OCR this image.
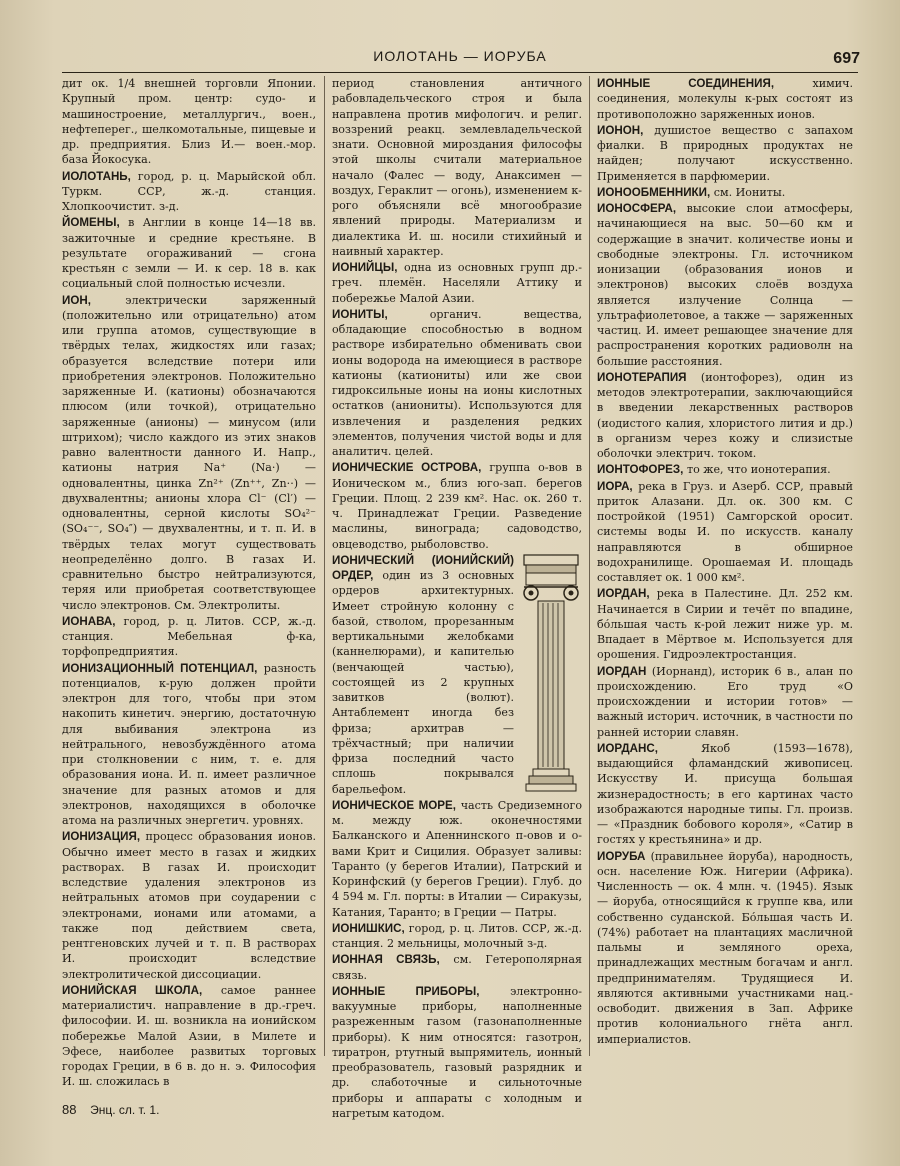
ИОЛОТАНЬ — ИОРУБА	697
дит ок. 1/4 внешней торговли Японии. Крупный пром. центр: судо- и машиностроение, металлургич., воен., нефтеперег., шелкомотальные, пищевые и др. предприятия. Близ И.— воен.-мор. база Йокосука.
ИОЛОТАНЬ, город, р. ц. Марыйской обл. Туркм. ССР, ж.-д. станция. Хлопкоочистит. з-д.
ЙОМЕНЫ, в Англии в конце 14—18 вв. зажиточные и средние крестьяне. В результате огораживаний — сгона крестьян с земли — И. к сер. 18 в. как социальный слой полностью исчезли.
ИОН,	электрически заряженный (положительно или отрицательно) атом или группа атомов, существующие в твёрдых телах, жидкостях или газах; образуется вследствие потери или приобретения электронов. Положительно заряженные И. (катионы) обозначаются плюсом (или точкой), отрицательно заряженные (анионы) — минусом (или штрихом); число каждого из этих знаков равно валентности данного И. Напр., катионы натрия Na⁺ (Na·) — одновалентны, цинка Zn²⁺ (Zn⁺⁺, Zn··) — двухвалентны; анионы хлора Cl⁻ (Cl′) — одновалентны, серной кислоты SO₄²⁻ (SO₄⁻⁻, SO₄″) — двухвалентны, и т. п. И. в твёрдых телах могут существовать неопределённо долго. В газах И. сравнительно быстро нейтрализуются, теряя или приобретая соответствующее число электронов. См. Электролиты.
ИОНАВА, город, р. ц. Литов. ССР, ж.-д. станция. Мебельная ф-ка, торфопредприятия.
ИОНИЗАЦИОННЫЙ ПОТЕНЦИАЛ, разность потенциалов, к-рую должен пройти электрон для того, чтобы при этом накопить кинетич. энергию, достаточную для выбивания электрона из нейтрального, невозбуждённого атома при столкновении с ним, т. е. для образования иона. И. п. имеет различное значение для разных атомов и для электронов, находящихся в оболочке атома на различных энергетич. уровнях.
ИОНИЗАЦИЯ, процесс образования ионов. Обычно имеет место в газах и жидких растворах. В газах И. происходит вследствие удаления электронов из нейтральных атомов при соударении с электронами, ионами или атомами, а также под действием света, рентгеновских лучей и т. п. В растворах И. происходит вследствие электролитической диссоциации.
ИОНИЙСКАЯ ШКОЛА, самое раннее материалистич. направление в др.-греч. философии. И. ш. возникла на ионийском побережье Малой Азии, в Милете и Эфесе, наиболее развитых торговых городах Греции, в 6 в. до н. э. Философия И. ш. сложилась в
период становления античного рабовладельческого строя и была направлена против мифологич. и религ. воззрений реакц. землевладельческой знати. Основной мироздания философы этой школы считали материальное начало (Фалес — воду, Анаксимен — воздух, Гераклит — огонь), изменением к-рого объясняли всё многообразие явлений природы. Материализм и диалектика И. ш. носили стихийный и наивный характер.
ИОНИЙЦЫ, одна из основных групп др.-греч. племён. Населяли Аттику и побережье Малой Азии.
ИОНИТЫ,	органич. вещества, обладающие способностью в водном растворе избирательно обменивать свои ионы водорода на имеющиеся в растворе катионы (катиониты) или же свои гидроксильные ионы на ионы кислотных остатков (аниониты). Используются для извлечения и разделения редких элементов, получения чистой воды и для аналитич. целей.
ИОНИЧЕСКИЕ ОСТРОВА, группа о-вов в Ионическом м., близ юго-зап. берегов Греции. Площ. 2 239 км². Нас. ок. 260 т. ч. Принадлежат Греции. Разведение маслины, винограда; садоводство, овцеводство, рыболовство.
ИОНИЧЕСКИЙ (ИОНИЙСКИЙ) ОРДЕР, один из 3 основных ордеров архитектурных. Имеет стройную колонну с базой, стволом, прорезанным вертикальными желобками (каннелюрами), и капителью (венчающей частью), состоящей из 2 крупных завитков (волют). Антаблемент иногда без фриза; архитрав — трёхчастный; при наличии фриза последний часто сплошь покрывался барельефом.
ИОНИЧЕСКОЕ МОРЕ, часть Средиземного м. между юж. оконечностями Балканского и Апеннинского п-овов и о-вами Крит и Сицилия. Образует заливы: Таранто (у берегов Италии), Патрский и Коринфский (у берегов Греции). Глуб. до 4 594 м. Гл. порты: в Италии — Сиракузы, Катания, Таранто; в Греции — Патры.
ИОНИШКИС, город, р. ц. Литов. ССР, ж.-д. станция. 2 мельницы, молочный з-д.
ИОННАЯ СВЯЗЬ, см. Гетерополярная связь.
ИОННЫЕ ПРИБОРЫ,	электронно-вакуумные приборы, наполненные разреженным газом (газонаполненные приборы). К ним относятся: газотрон, тиратрон, ртутный выпрямитель, ионный преобразователь, газовый разрядник и др. слаботочные и сильноточные приборы и аппараты с холодным и нагретым катодом.
ИОННЫЕ СОЕДИНЕНИЯ,	химич. соединения, молекулы к-рых состоят из противоположно заряженных ионов.
ИОНОН, душистое вещество с запахом фиалки. В природных продуктах не найден; получают искусственно. Применяется в парфюмерии.
ИОНООБМЕННИКИ, см. Иониты.
ИОНОСФЕРА, высокие слои атмосферы, начинающиеся на выс. 50—60 км и содержащие в значит. количестве ионы и свободные электроны. Гл. источником ионизации (образования ионов и электронов) высоких слоёв воздуха является излучение Солнца — ультрафиолетовое, а также — заряженных частиц. И. имеет решающее значение для распространения коротких радиоволн на большие расстояния.
ИОНОТЕРАПИЯ (ионтофорез), один из методов электротерапии, заключающийся в введении лекарственных растворов (иодистого калия, хлористого лития и др.) в организм через кожу и слизистые оболочки электрич. током.
ИОНТОФОРЕЗ, то же, что ионотерапия.
ИОРА, река в Груз. и Азерб. ССР, правый приток Алазани. Дл. ок. 300 км. С постройкой (1951) Самгорской оросит. системы воды И. по искусств. каналу направляются в обширное водохранилище. Орошаемая И. площадь составляет ок. 1 000 км².
ИОРДАН, река в Палестине. Дл. 252 км. Начинается в Сирии и течёт по впадине, бо́льшая часть к-рой лежит ниже ур. м. Впадает в Мёртвое м. Используется для орошения. Гидроэлектростанция.
ИОРДАН (Иорнанд), историк 6 в., алан по происхождению. Его труд «О происхождении и истории готов» — важный историч. источник, в частности по ранней истории славян.
ИОРДАНС,	Якоб (1593—1678), выдающийся фламандский живописец. Искусству И. присуща большая жизнерадостность; в его картинах часто изображаются народные типы. Гл. произв.— «Праздник бобового короля», «Сатир в гостях у крестьянина» и др.
ИОРУБА (правильнее йоруба), народность, осн. население Юж. Нигерии (Африка). Численность — ок. 4 млн. ч. (1945). Язык — йоруба, относящийся к группе ква, или собственно суданской. Бо́льшая часть И. (74%) работает на плантациях масличной пальмы и земляного ореха, принадлежащих местным богачам и англ. предпринимателям. Трудящиеся И. являются активными участниками нац.-освободит. движения в Зап. Африке против колониального гнёта англ. империалистов.
88 Энц. сл. т. 1.
